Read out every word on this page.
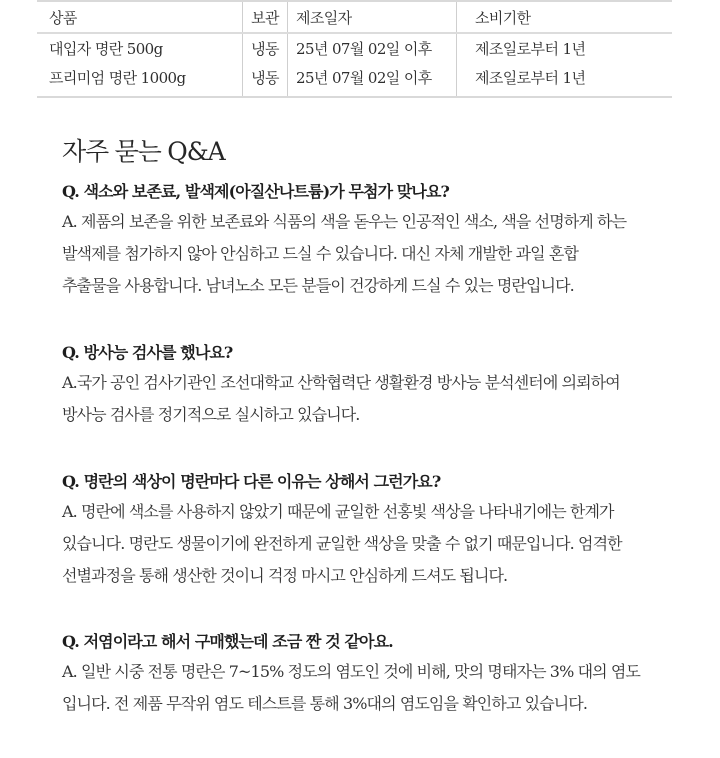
상품	보관	제조일자	소비기한
대입자 명란 500g	냉동	25년 07월 02일 이후	제조일로부터 1년
프리미엄 명란 1000g	냉동	25년 07월 02일 이후	제조일로부터 1년

자주 묻는 Q&A
Q. 색소와 보존료, 발색제(아질산나트륨)가 무첨가 맞나요?
A. 제품의 보존을 위한 보존료와 식품의 색을 돋우는 인공적인 색소, 색을 선명하게 하는
발색제를 첨가하지 않아 안심하고 드실 수 있습니다. 대신 자체 개발한 과일 혼합
추출물을 사용합니다. 남녀노소 모든 분들이 건강하게 드실 수 있는 명란입니다.
Q. 방사능 검사를 했나요?
A.국가 공인 검사기관인 조선대학교 산학협력단 생활환경 방사능 분석센터에 의뢰하여
방사능 검사를 정기적으로 실시하고 있습니다.
Q. 명란의 색상이 명란마다 다른 이유는 상해서 그런가요?
A. 명란에 색소를 사용하지 않았기 때문에 균일한 선홍빛 색상을 나타내기에는 한계가
있습니다. 명란도 생물이기에 완전하게 균일한 색상을 맞출 수 없기 때문입니다. 엄격한
선별과정을 통해 생산한 것이니 걱정 마시고 안심하게 드셔도 됩니다.
Q. 저염이라고 해서 구매했는데 조금 짠 것 같아요.
A. 일반 시중 전통 명란은 7~15% 정도의 염도인 것에 비해, 맛의 명태자는 3% 대의 염도
입니다. 전 제품 무작위 염도 테스트를 통해 3%대의 염도임을 확인하고 있습니다.
